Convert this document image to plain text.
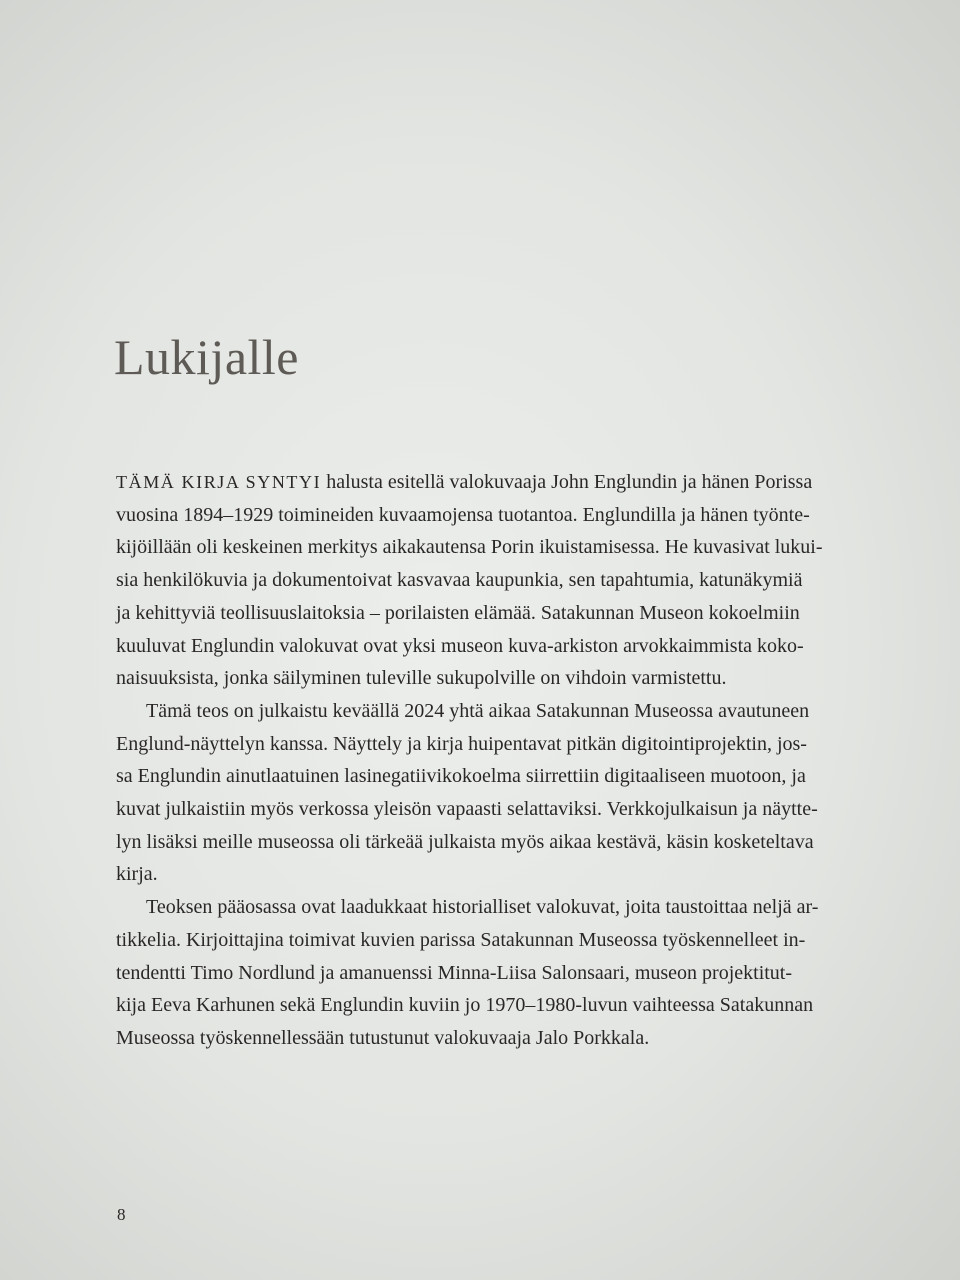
Lukijalle
TÄMÄ KIRJA SYNTYI halusta esitellä valokuvaaja John Englundin ja hänen Porissa
vuosina 1894–1929 toimineiden kuvaamojensa tuotantoa. Englundilla ja hänen työnte-
kijöillään oli keskeinen merkitys aikakautensa Porin ikuistamisessa. He kuvasivat lukui-
sia henkilökuvia ja dokumentoivat kasvavaa kaupunkia, sen tapahtumia, katunäkymiä
ja kehittyviä teollisuuslaitoksia – porilaisten elämää. Satakunnan Museon kokoelmiin
kuuluvat Englundin valokuvat ovat yksi museon kuva-arkiston arvokkaimmista koko-
naisuuksista, jonka säilyminen tuleville sukupolville on vihdoin varmistettu.
Tämä teos on julkaistu keväällä 2024 yhtä aikaa Satakunnan Museossa avautuneen
Englund-näyttelyn kanssa. Näyttely ja kirja huipentavat pitkän digitointiprojektin, jos-
sa Englundin ainutlaatuinen lasinegatiivikokoelma siirrettiin digitaaliseen muotoon, ja
kuvat julkaistiin myös verkossa yleisön vapaasti selattaviksi. Verkkojulkaisun ja näytte-
lyn lisäksi meille museossa oli tärkeää julkaista myös aikaa kestävä, käsin kosketeltava
kirja.
Teoksen pääosassa ovat laadukkaat historialliset valokuvat, joita taustoittaa neljä ar-
tikkelia. Kirjoittajina toimivat kuvien parissa Satakunnan Museossa työskennelleet in-
tendentti Timo Nordlund ja amanuenssi Minna-Liisa Salonsaari, museon projektitut-
kija Eeva Karhunen sekä Englundin kuviin jo 1970–1980-luvun vaihteessa Satakunnan
Museossa työskennellessään tutustunut valokuvaaja Jalo Porkkala.
8
